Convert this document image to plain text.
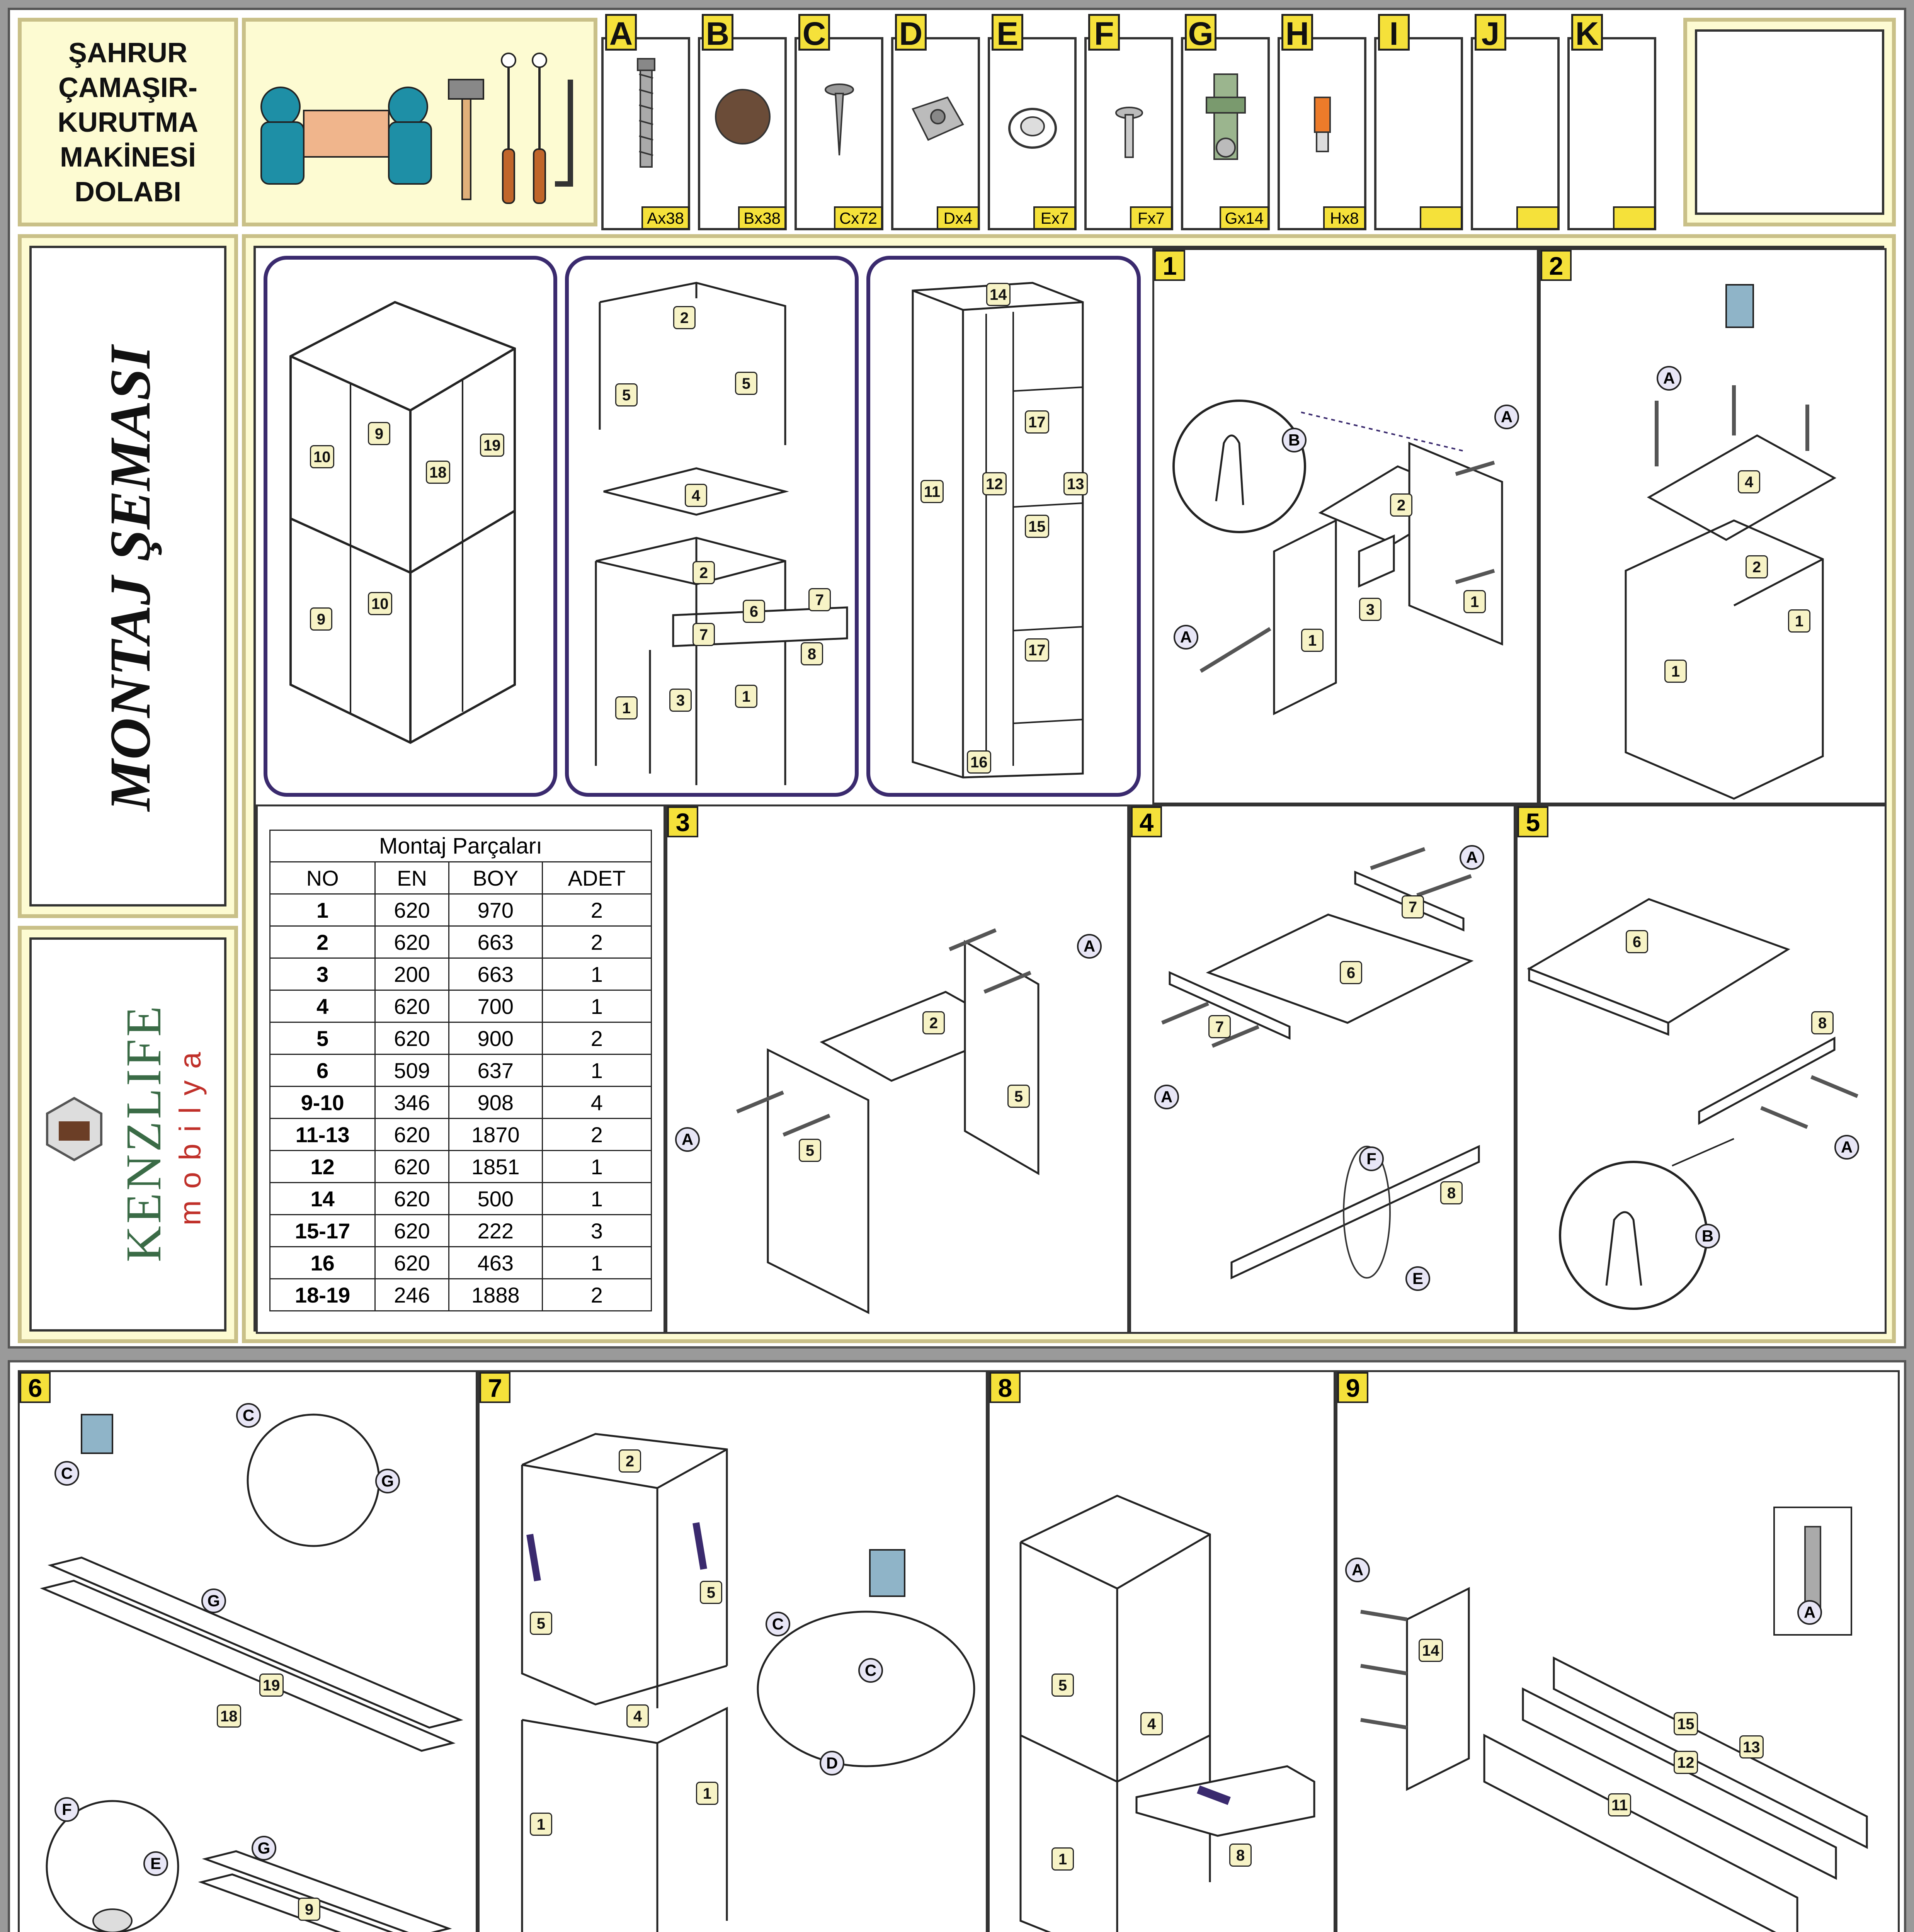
ŞAHRUR
ÇAMAŞIR-
KURUTMA
MAKİNESİ
DOLABI
Ax38
A
Bx38
B
Cx72
C
Dx4
D
Ex7
E
Fx7
F
Gx14
G
Hx8
H	I	J K
MONTAJ ŞEMASI
KENZLIFE mobilya
10
9
18
19
9
10
2
5
5
4
2
7
6
7
8
1	3	1
14
11	12	13
17
15
17
16
1
B
A
A	1
2
3	1
2
A
4
2
1
1
Montaj Parçaları
NO	EN	BOY	ADET
1	620	970	2
2	620	663	2
3	200	663	1
4	620	700	1
5	620	900	2
6	509	637	1
9-10	346	908	4
11-13	620	1870	2
12	620	1851	1
14	620	500	1
15-17	620	222	3
16	620	463	1
18-19	246	1888	2
3
A
A
2
5
5
4
A
A
F
E
7
6
7
8
5
6
8
A
B
6
C
C
G
G
G
F
E
19
18
9
7
2
5
5
4
1
1
C
C
D
8
5
4
1	8
9
A
A
14
15
13
12
11
